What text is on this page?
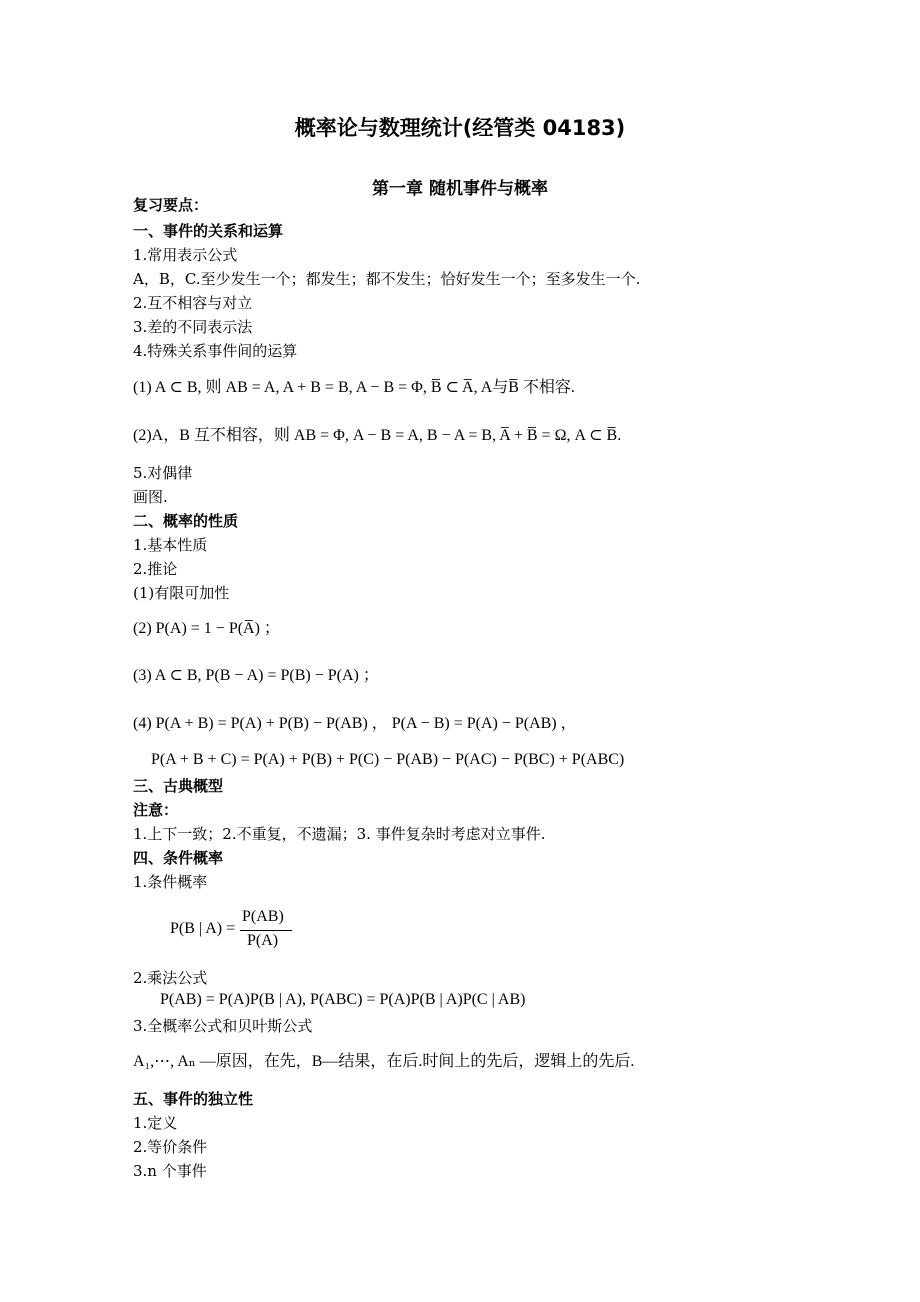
概率论与数理统计(经管类 04183)
第一章 随机事件与概率
复习要点：
一、事件的关系和运算
1.常用表示公式
A，B，C.至少发生一个；都发生；都不发生；恰好发生一个；至多发生一个.
2.互不相容与对立
3.差的不同表示法
4.特殊关系事件间的运算
(1) A ⊂ B, 则 AB = A, A + B = B, A − B = Φ, B̅ ⊂ A̅, A与B̅ 不相容.
(2)A，B 互不相容，则 AB = Φ, A − B = A, B − A = B, A̅ + B̅ = Ω, A ⊂ B̅.
5.对偶律
画图.
二、概率的性质
1.基本性质
2.推论
(1)有限可加性
(2) P(A) = 1 − P(A̅) ；
(3) A ⊂ B, P(B − A) = P(B) − P(A) ；
(4) P(A + B) = P(A) + P(B) − P(AB) ， P(A − B) = P(A) − P(AB) ，
P(A + B + C) = P(A) + P(B) + P(C) − P(AB) − P(AC) − P(BC) + P(ABC)
三、古典概型
注意：
1.上下一致；2.不重复，不遗漏；3. 事件复杂时考虑对立事件.
四、条件概率
1.条件概率
P(B | A) =
P(AB)
P(A)
2.乘法公式
P(AB) = P(A)P(B | A), P(ABC) = P(A)P(B | A)P(C | AB)
3.全概率公式和贝叶斯公式
A₁,⋯, Aₙ —原因，在先，B—结果，在后.时间上的先后，逻辑上的先后.
五、事件的独立性
1.定义
2.等价条件
3.n 个事件
